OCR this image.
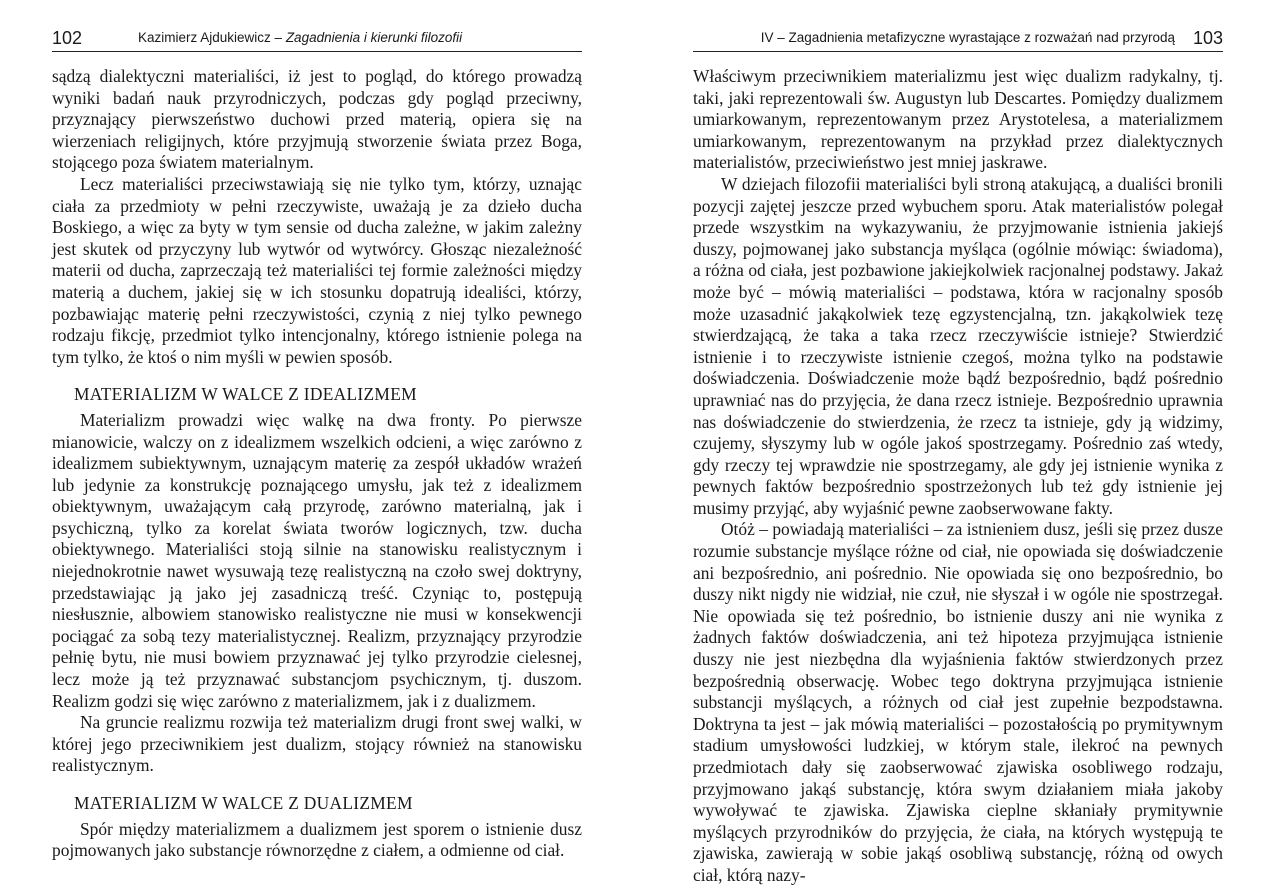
102	Kazimierz Ajdukiewicz – Zagadnienia i kierunki filozofii
sądzą dialektyczni materialiści, iż jest to pogląd, do którego prowadzą wyniki badań nauk przyrodniczych, podczas gdy pogląd przeciwny, przyznający pierwszeństwo duchowi przed materią, opiera się na wierzeniach religijnych, które przyjmują stworzenie świata przez Boga, stojącego poza światem materialnym.
Lecz materialiści przeciwstawiają się nie tylko tym, którzy, uznając ciała za przedmioty w pełni rzeczywiste, uważają je za dzieło ducha Boskiego, a więc za byty w tym sensie od ducha zależne, w jakim zależny jest skutek od przyczyny lub wytwór od wytwórcy. Głosząc niezależność materii od ducha, zaprzeczają też materialiści tej formie zależności między materią a duchem, jakiej się w ich stosunku dopatrują idealiści, którzy, pozbawiając materię pełni rzeczywistości, czynią z niej tylko pewnego rodzaju fikcję, przedmiot tylko intencjonalny, którego istnienie polega na tym tylko, że ktoś o nim myśli w pewien sposób.
MATERIALIZM W WALCE Z IDEALIZMEM
Materializm prowadzi więc walkę na dwa fronty. Po pierwsze mianowicie, walczy on z idealizmem wszelkich odcieni, a więc zarówno z idealizmem subiektywnym, uznającym materię za zespół układów wrażeń lub jedynie za konstrukcję poznającego umysłu, jak też z idealizmem obiektywnym, uważającym całą przyrodę, zarówno materialną, jak i psychiczną, tylko za korelat świata tworów logicznych, tzw. ducha obiektywnego. Materialiści stoją silnie na stanowisku realistycznym i niejednokrotnie nawet wysuwają tezę realistyczną na czoło swej doktryny, przedstawiając ją jako jej zasadniczą treść. Czyniąc to, postępują niesłusznie, albowiem stanowisko realistyczne nie musi w konsekwencji pociągać za sobą tezy materialistycznej. Realizm, przyznający przyrodzie pełnię bytu, nie musi bowiem przyznawać jej tylko przyrodzie cielesnej, lecz może ją też przyznawać substancjom psychicznym, tj. duszom. Realizm godzi się więc zarówno z materializmem, jak i z dualizmem.
Na gruncie realizmu rozwija też materializm drugi front swej walki, w której jego przeciwnikiem jest dualizm, stojący również na stanowisku realistycznym.
MATERIALIZM W WALCE Z DUALIZMEM
Spór między materializmem a dualizmem jest sporem o istnienie dusz pojmowanych jako substancje równorzędne z ciałem, a odmienne od ciał.
IV – Zagadnienia metafizyczne wyrastające z rozważań nad przyrodą 103
Właściwym przeciwnikiem materializmu jest więc dualizm radykalny, tj. taki, jaki reprezentowali św. Augustyn lub Descartes. Pomiędzy dualizmem umiarkowanym, reprezentowanym przez Arystotelesa, a materializmem umiarkowanym, reprezentowanym na przykład przez dialektycznych materialistów, przeciwieństwo jest mniej jaskrawe.
W dziejach filozofii materialiści byli stroną atakującą, a dualiści bronili pozycji zajętej jeszcze przed wybuchem sporu. Atak materialistów polegał przede wszystkim na wykazywaniu, że przyjmowanie istnienia jakiejś duszy, pojmowanej jako substancja myśląca (ogólnie mówiąc: świadoma), a różna od ciała, jest pozbawione jakiejkolwiek racjonalnej podstawy. Jakaż może być – mówią materialiści – podstawa, która w racjonalny sposób może uzasadnić jakąkolwiek tezę egzystencjalną, tzn. jakąkolwiek tezę stwierdzającą, że taka a taka rzecz rzeczywiście istnieje? Stwierdzić istnienie i to rzeczywiste istnienie czegoś, można tylko na podstawie doświadczenia. Doświadczenie może bądź bezpośrednio, bądź pośrednio uprawniać nas do przyjęcia, że dana rzecz istnieje. Bezpośrednio uprawnia nas doświadczenie do stwierdzenia, że rzecz ta istnieje, gdy ją widzimy, czujemy, słyszymy lub w ogóle jakoś spostrzegamy. Pośrednio zaś wtedy, gdy rzeczy tej wprawdzie nie spostrzegamy, ale gdy jej istnienie wynika z pewnych faktów bezpośrednio spostrzeżonych lub też gdy istnienie jej musimy przyjąć, aby wyjaśnić pewne zaobserwowane fakty.
Otóż – powiadają materialiści – za istnieniem dusz, jeśli się przez dusze rozumie substancje myślące różne od ciał, nie opowiada się doświadczenie ani bezpośrednio, ani pośrednio. Nie opowiada się ono bezpośrednio, bo duszy nikt nigdy nie widział, nie czuł, nie słyszał i w ogóle nie spostrzegał. Nie opowiada się też pośrednio, bo istnienie duszy ani nie wynika z żadnych faktów doświadczenia, ani też hipoteza przyjmująca istnienie duszy nie jest niezbędna dla wyjaśnienia faktów stwierdzonych przez bezpośrednią obserwację. Wobec tego doktryna przyjmująca istnienie substancji myślących, a różnych od ciał jest zupełnie bezpodstawna. Doktryna ta jest – jak mówią materialiści – pozostałością po prymitywnym stadium umysłowości ludzkiej, w którym stale, ilekroć na pewnych przedmiotach dały się zaobserwować zjawiska osobliwego rodzaju, przyjmowano jakąś substancję, która swym działaniem miała jakoby wywoływać te zjawiska. Zjawiska cieplne skłaniały prymitywnie myślących przyrodników do przyjęcia, że ciała, na których występują te zjawiska, zawierają w sobie jakąś osobliwą substancję, różną od owych ciał, którą nazy-
